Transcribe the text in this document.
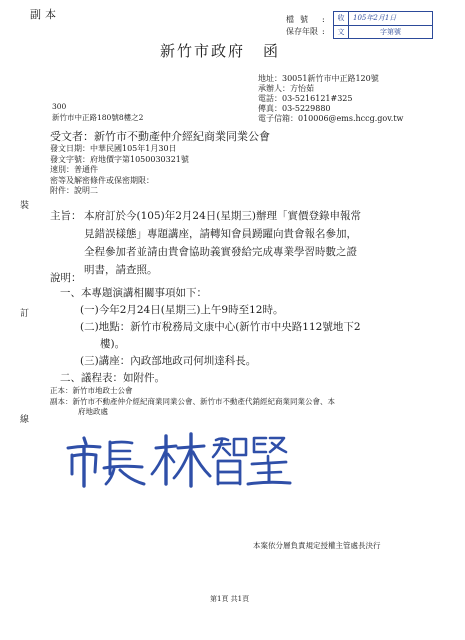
副本	檔號	:
保存年限 :
收	105年2月1日
文	字第號
新竹市政府 函
地址：30051新竹市中正路120號
承辦人：方怡茹
電話：03-5216121#325
傳真：03-5229880
電子信箱：010006@ems.hccg.gov.tw
300
新竹市中正路180號8樓之2
受文者：新竹市不動產仲介經紀商業同業公會
發文日期：中華民國105年1月30日
發文字號：府地價字第1050030321號
速別：普通件
密等及解密條件或保密期限：
附件：說明二
主旨： 本府訂於今(105)年2月24日(星期三)辦理「實價登錄申報常
見錯誤樣態」專題講座，請轉知會員踴躍向貴會報名參加，
全程參加者並請由貴會協助義實發給完成專業學習時數之證
明書，請查照。
裝
訂
線
說明：
一、本專題演講相關事項如下：
(一)今年2月24日(星期三)上午9時至12時。
(二)地點：新竹市稅務局文康中心(新竹市中央路112號地下2
樓)。
(三)講座：內政部地政司何圳達科長。
二、議程表：如附件。
正本：新竹市地政士公會
副本：新竹市不動產仲介經紀商業同業公會、新竹市不動產代銷經紀商業同業公會、本
府地政處
本案依分層負責規定授權主管處長決行
第1頁 共1頁
